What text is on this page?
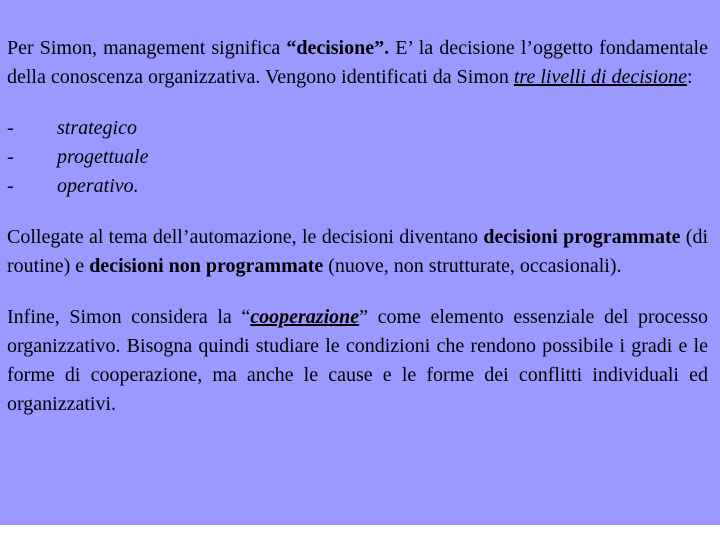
Per Simon, management significa “decisione”. E’ la decisione l’oggetto fondamentale della conoscenza organizzativa. Vengono identificati da Simon tre livelli di decisione:

-	strategico
-	progettuale
-	operativo.

Collegate al tema dell’automazione, le decisioni diventano decisioni programmate (di routine) e decisioni non programmate (nuove, non strutturate, occasionali).

Infine, Simon considera la “cooperazione” come elemento essenziale del processo organizzativo. Bisogna quindi studiare le condizioni che rendono possibile i gradi e le forme di cooperazione, ma anche le cause e le forme dei conflitti individuali ed organizzativi.
